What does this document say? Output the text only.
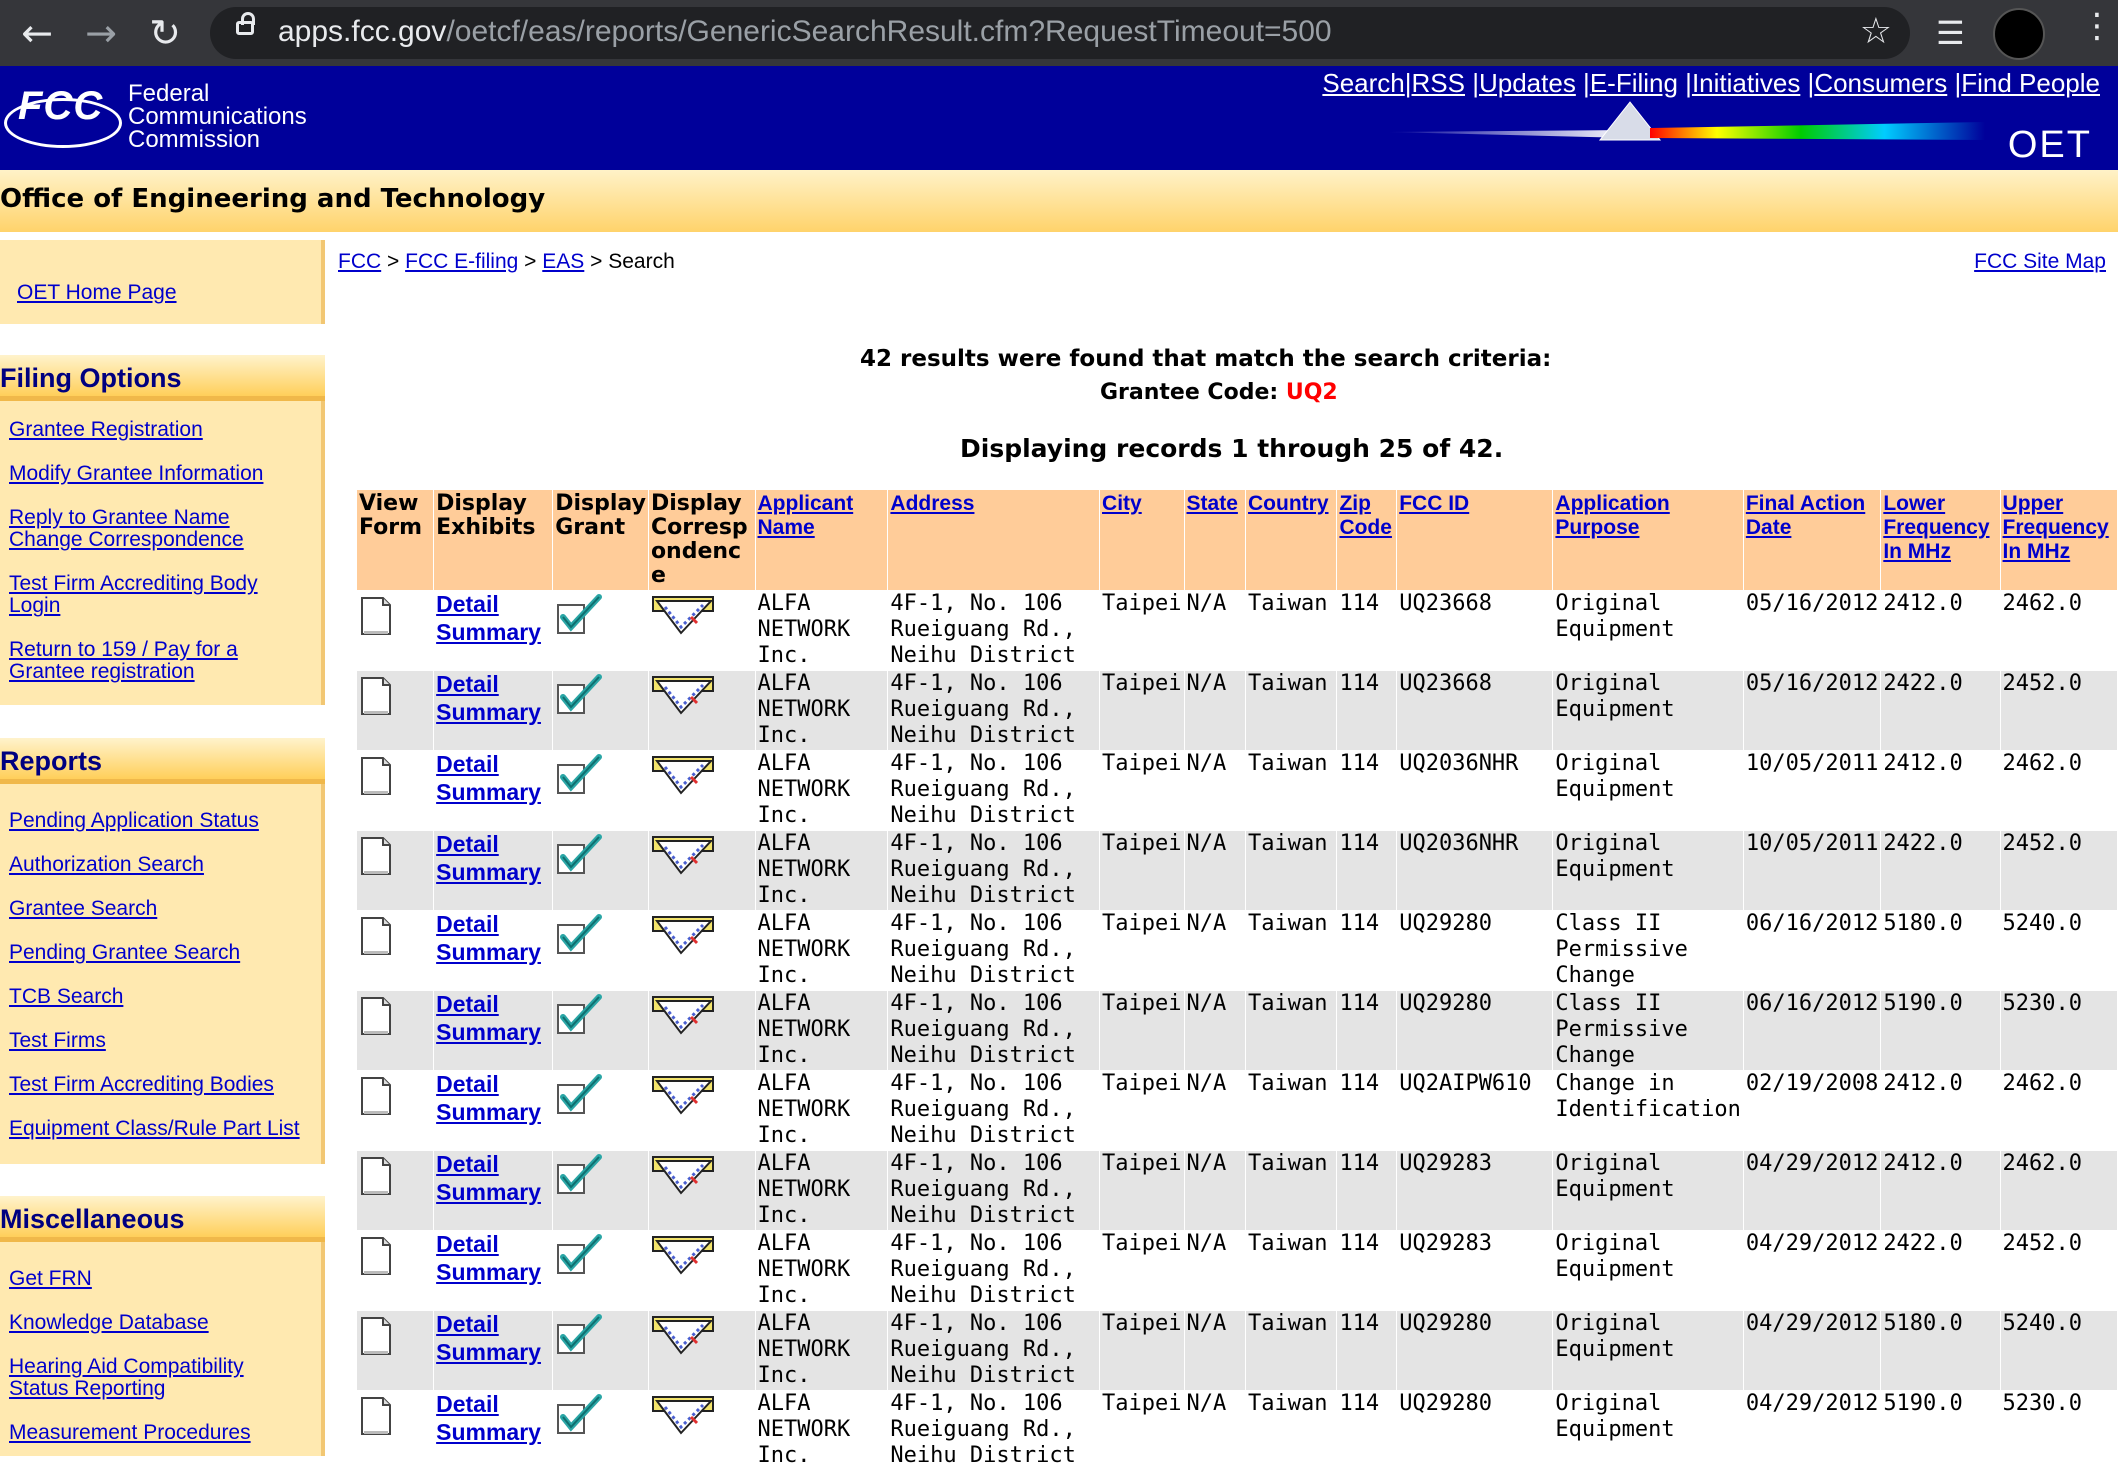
← → ↻	apps.fcc.gov/oetcf/eas/reports/GenericSearchResult.cfm?RequestTimeout=500	☆ ☰	⋮
FCC Federal
Communications
Commission
Search|RSS |Updates |E-Filing |Initiatives |Consumers |Find People
OET
Office of Engineering and Technology
OET Home Page
Filing Options
Grantee Registration
Modify Grantee Information
Reply to Grantee Name Change Correspondence
Test Firm Accrediting Body Login
Return to 159 / Pay for a Grantee registration
Reports
Pending Application Status
Authorization Search
Grantee Search
Pending Grantee Search
TCB Search
Test Firms
Test Firm Accrediting Bodies
Equipment Class/Rule Part List
Miscellaneous
Get FRN
Knowledge Database
Hearing Aid Compatibility Status Reporting
Measurement Procedures
FCC > FCC E-filing > EAS > Search	FCC Site Map
42 results were found that match the search criteria:
Grantee Code: UQ2
Displaying records 1 through 25 of 42.
View Form	Display Exhibits	Display Grant	Display Correspondence	Applicant Name	Address	City	State	Country	Zip Code	FCC ID	Application Purpose	Final Action Date	Lower Frequency In MHz	Upper Frequency In MHz
	Detail Summary			ALFA NETWORK Inc.	4F-1, No. 106 Rueiguang Rd., Neihu District	Taipei	N/A	Taiwan	114	UQ23668	Original Equipment	05/16/2012	2412.0	2462.0
	Detail Summary			ALFA NETWORK Inc.	4F-1, No. 106 Rueiguang Rd., Neihu District	Taipei	N/A	Taiwan	114	UQ23668	Original Equipment	05/16/2012	2422.0	2452.0
	Detail Summary			ALFA NETWORK Inc.	4F-1, No. 106 Rueiguang Rd., Neihu District	Taipei	N/A	Taiwan	114	UQ2036NHR	Original Equipment	10/05/2011	2412.0	2462.0
	Detail Summary			ALFA NETWORK Inc.	4F-1, No. 106 Rueiguang Rd., Neihu District	Taipei	N/A	Taiwan	114	UQ2036NHR	Original Equipment	10/05/2011	2422.0	2452.0
	Detail Summary			ALFA NETWORK Inc.	4F-1, No. 106 Rueiguang Rd., Neihu District	Taipei	N/A	Taiwan	114	UQ29280	Class II Permissive Change	06/16/2012	5180.0	5240.0
	Detail Summary			ALFA NETWORK Inc.	4F-1, No. 106 Rueiguang Rd., Neihu District	Taipei	N/A	Taiwan	114	UQ29280	Class II Permissive Change	06/16/2012	5190.0	5230.0
	Detail Summary			ALFA NETWORK Inc.	4F-1, No. 106 Rueiguang Rd., Neihu District	Taipei	N/A	Taiwan	114	UQ2AIPW610	Change in Identification	02/19/2008	2412.0	2462.0
	Detail Summary			ALFA NETWORK Inc.	4F-1, No. 106 Rueiguang Rd., Neihu District	Taipei	N/A	Taiwan	114	UQ29283	Original Equipment	04/29/2012	2412.0	2462.0
	Detail Summary			ALFA NETWORK Inc.	4F-1, No. 106 Rueiguang Rd., Neihu District	Taipei	N/A	Taiwan	114	UQ29283	Original Equipment	04/29/2012	2422.0	2452.0
	Detail Summary			ALFA NETWORK Inc.	4F-1, No. 106 Rueiguang Rd., Neihu District	Taipei	N/A	Taiwan	114	UQ29280	Original Equipment	04/29/2012	5180.0	5240.0
	Detail Summary			ALFA NETWORK Inc.	4F-1, No. 106 Rueiguang Rd., Neihu District	Taipei	N/A	Taiwan	114	UQ29280	Original Equipment	04/29/2012	5190.0	5230.0
